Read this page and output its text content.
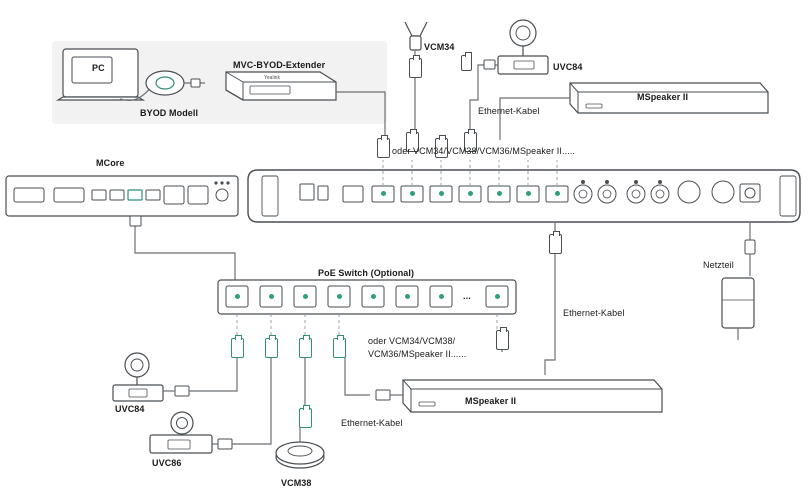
Yealink
PC	MVC-BYOD-Extender
BYOD Modell
VCM34
UVC84
MSpeaker II
Ethernet-Kabel
oder VCM34/VCM38/VCM36/MSpeaker II.....
MCore
PoE Switch (Optional)
...
Netzteil
Ethernet-Kabel
oder VCM34/VCM38/
VCM36/MSpeaker II......
UVC84
UVC86
VCM38
Ethernet-Kabel
MSpeaker II
